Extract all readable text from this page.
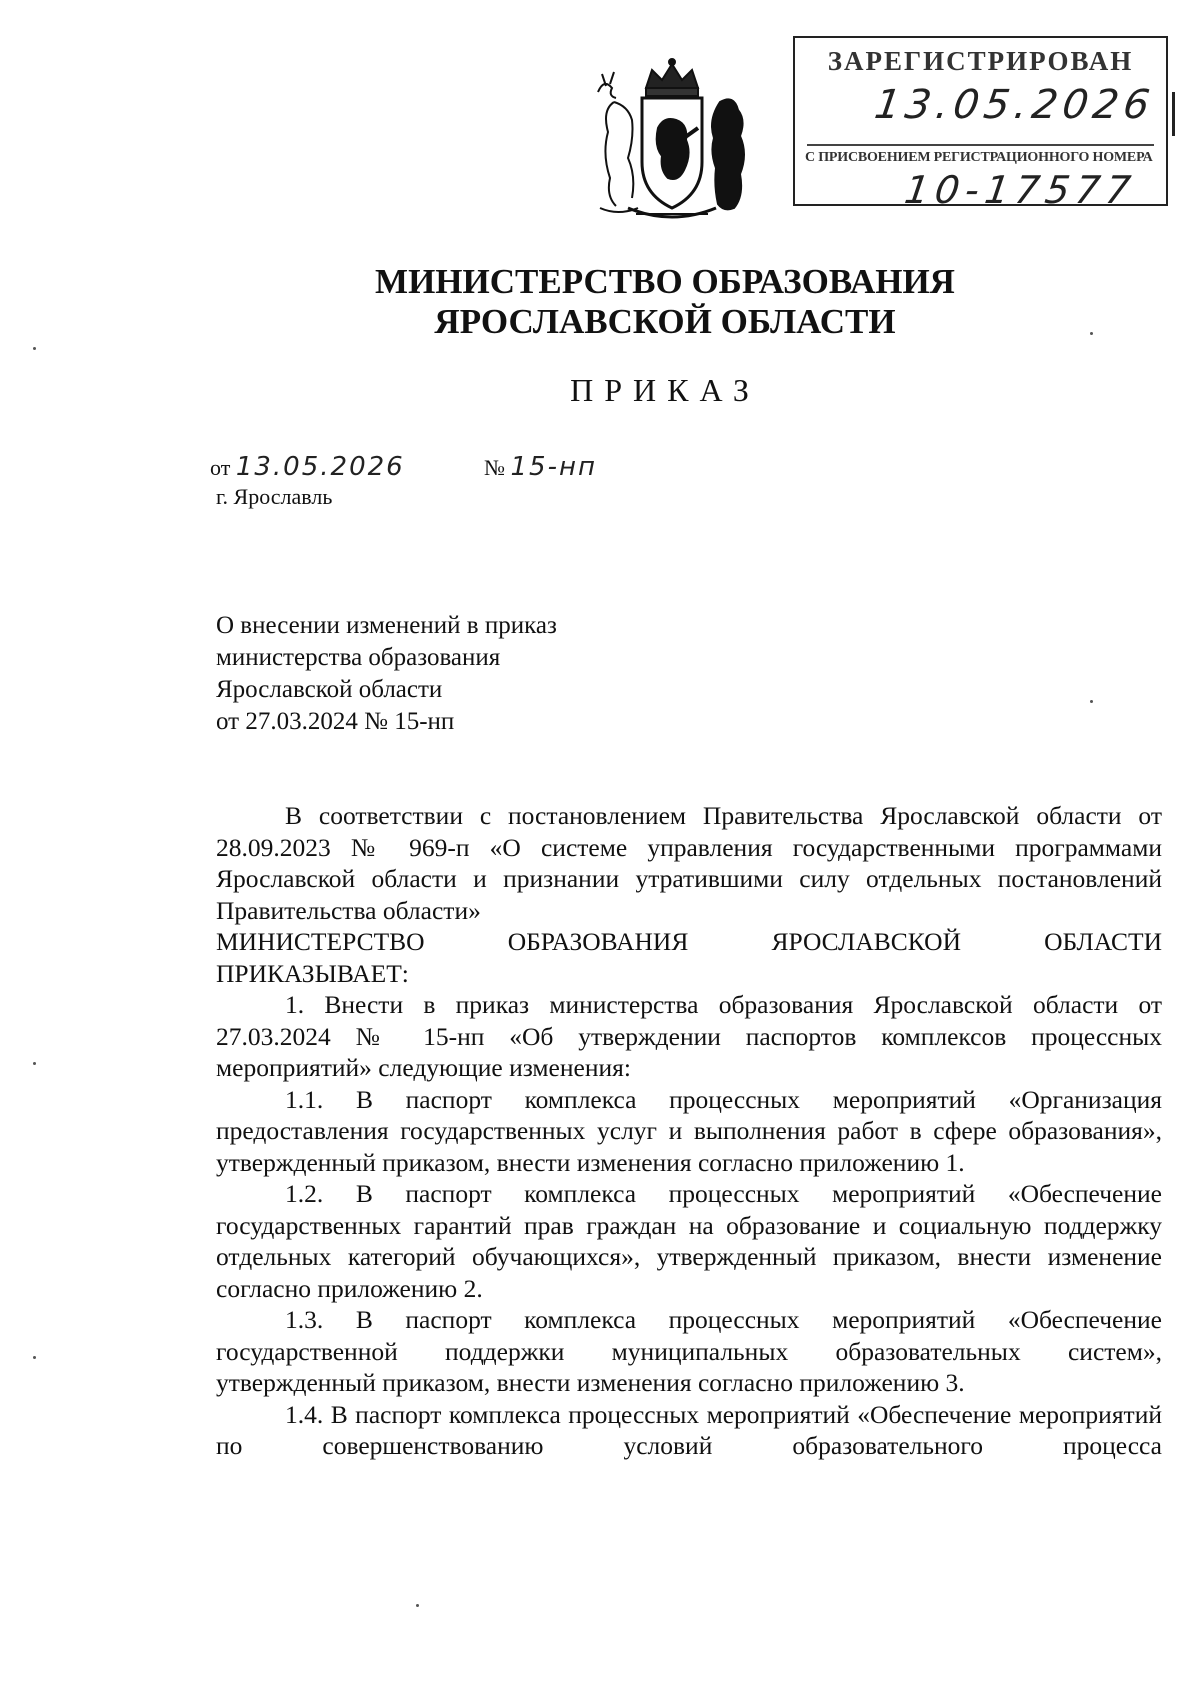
ЗАРЕГИСТРИРОВАН
13.05.2026
С ПРИСВОЕНИЕМ РЕГИСТРАЦИОННОГО НОМЕРА
10-17577
МИНИСТЕРСТВО ОБРАЗОВАНИЯ
ЯРОСЛАВСКОЙ ОБЛАСТИ
ПРИКАЗ
от 13.05.2026	№ 15-нп
г. Ярославль
О внесении изменений в приказ
министерства образования
Ярославской области
от 27.03.2024 № 15-нп

В соответствии с постановлением Правительства Ярославской области от 28.09.2023 № 969-п «О системе управления государственными программами Ярославской области и признании утратившими силу отдельных постановлений Правительства области»

МИНИСТЕРСТВО ОБРАЗОВАНИЯ ЯРОСЛАВСКОЙ ОБЛАСТИ

ПРИКАЗЫВАЕТ:

1. Внести в приказ министерства образования Ярославской области от 27.03.2024 № 15-нп «Об утверждении паспортов комплексов процессных мероприятий» следующие изменения:

1.1. В паспорт комплекса процессных мероприятий «Организация предоставления государственных услуг и выполнения работ в сфере образования», утвержденный приказом, внести изменения согласно приложению 1.

1.2. В паспорт комплекса процессных мероприятий «Обеспечение государственных гарантий прав граждан на образование и социальную поддержку отдельных категорий обучающихся», утвержденный приказом, внести изменение согласно приложению 2.

1.3. В паспорт комплекса процессных мероприятий «Обеспечение государственной поддержки муниципальных образовательных систем», утвержденный приказом, внести изменения согласно приложению 3.

1.4. В паспорт комплекса процессных мероприятий «Обеспечение мероприятий по совершенствованию условий образовательного процесса
